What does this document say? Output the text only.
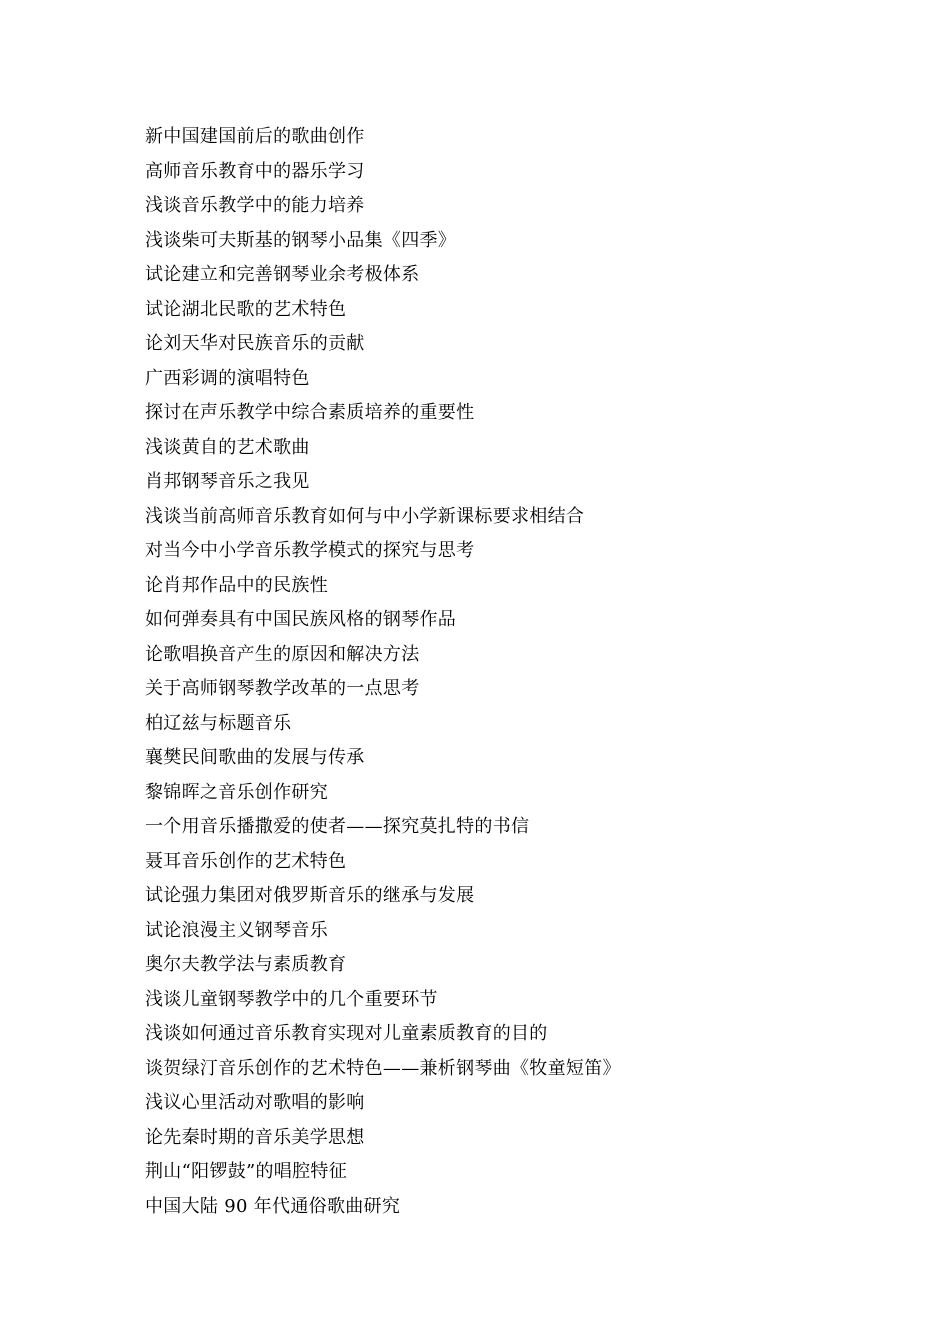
新中国建国前后的歌曲创作
高师音乐教育中的器乐学习
浅谈音乐教学中的能力培养
浅谈柴可夫斯基的钢琴小品集《四季》
试论建立和完善钢琴业余考极体系
试论湖北民歌的艺术特色
论刘天华对民族音乐的贡献
广西彩调的演唱特色
探讨在声乐教学中综合素质培养的重要性
浅谈黄自的艺术歌曲
肖邦钢琴音乐之我见
浅谈当前高师音乐教育如何与中小学新课标要求相结合
对当今中小学音乐教学模式的探究与思考
论肖邦作品中的民族性
如何弹奏具有中国民族风格的钢琴作品
论歌唱换音产生的原因和解决方法
关于高师钢琴教学改革的一点思考
柏辽兹与标题音乐
襄樊民间歌曲的发展与传承
黎锦晖之音乐创作研究
一个用音乐播撒爱的使者——探究莫扎特的书信
聂耳音乐创作的艺术特色
试论强力集团对俄罗斯音乐的继承与发展
试论浪漫主义钢琴音乐
奥尔夫教学法与素质教育
浅谈儿童钢琴教学中的几个重要环节
浅谈如何通过音乐教育实现对儿童素质教育的目的
谈贺绿汀音乐创作的艺术特色——兼析钢琴曲《牧童短笛》
浅议心里活动对歌唱的影响
论先秦时期的音乐美学思想
荆山“阳锣鼓”的唱腔特征
中国大陆 90 年代通俗歌曲研究
